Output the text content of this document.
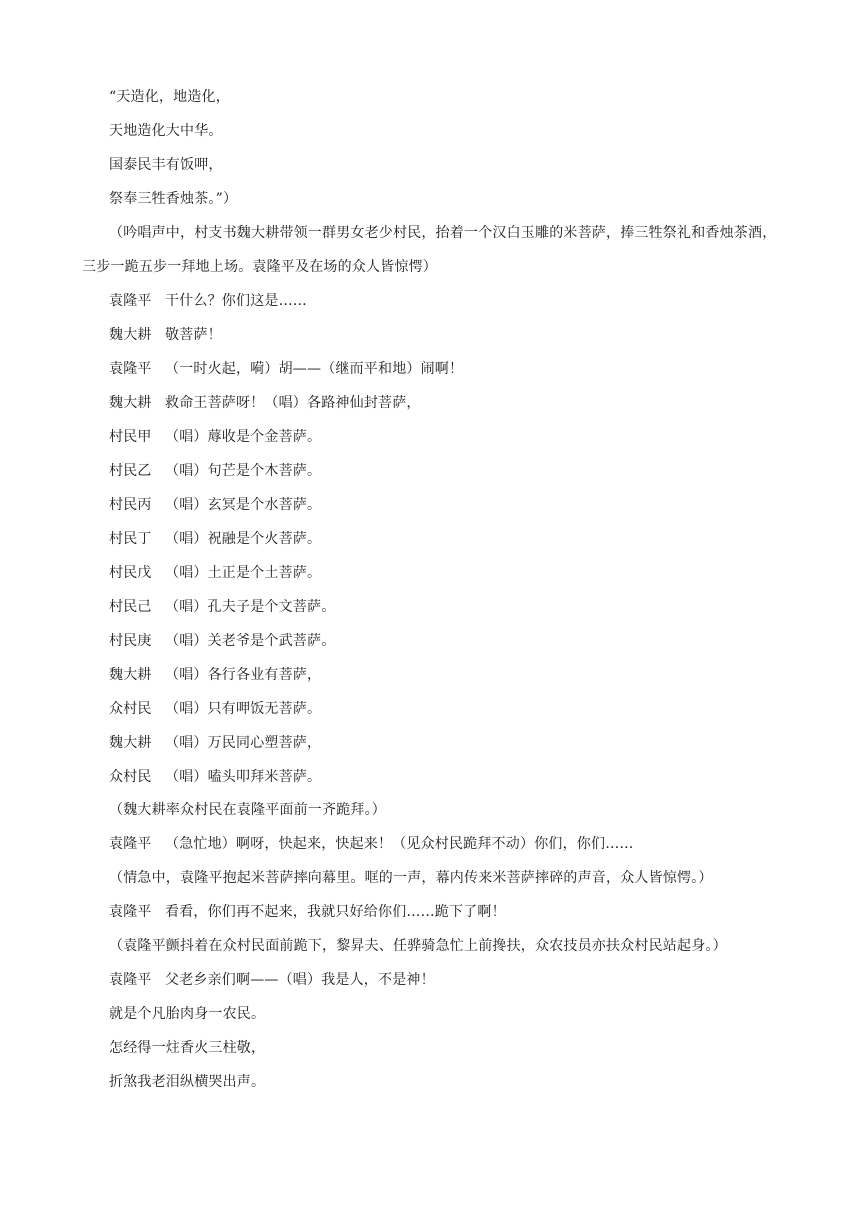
“天造化，地造化，
天地造化大中华。
国泰民丰有饭呷，
祭奉三牲香烛茶。”）
（吟唱声中，村支书魏大耕带领一群男女老少村民，抬着一个汉白玉雕的米菩萨，捧三牲祭礼和香烛茶酒，三步一跪五步一拜地上场。袁隆平及在场的众人皆惊愕）
袁隆平 干什么？你们这是……
魏大耕 敬菩萨！
袁隆平 （一时火起，嗬）胡——（继而平和地）闹啊！
魏大耕 救命王菩萨呀！（唱）各路神仙封菩萨，
村民甲 （唱）蓐收是个金菩萨。
村民乙 （唱）句芒是个木菩萨。
村民丙 （唱）玄冥是个水菩萨。
村民丁 （唱）祝融是个火菩萨。
村民戊 （唱）土正是个土菩萨。
村民己 （唱）孔夫子是个文菩萨。
村民庚 （唱）关老爷是个武菩萨。
魏大耕 （唱）各行各业有菩萨，
众村民 （唱）只有呷饭无菩萨。
魏大耕 （唱）万民同心塑菩萨，
众村民 （唱）嗑头叩拜米菩萨。
（魏大耕率众村民在袁隆平面前一齐跪拜。）
袁隆平 （急忙地）啊呀，快起来，快起来！（见众村民跪拜不动）你们，你们……
（情急中，袁隆平抱起米菩萨摔向幕里。哐的一声，幕内传来米菩萨摔碎的声音，众人皆惊愕。）
袁隆平 看看，你们再不起来，我就只好给你们……跪下了啊！
（袁隆平颤抖着在众村民面前跪下，黎昇夫、任骅骑急忙上前搀扶，众农技员亦扶众村民站起身。）
袁隆平 父老乡亲们啊——（唱）我是人，不是神！
就是个凡胎肉身一农民。
怎经得一炷香火三柱敬，
折煞我老泪纵横哭出声。
